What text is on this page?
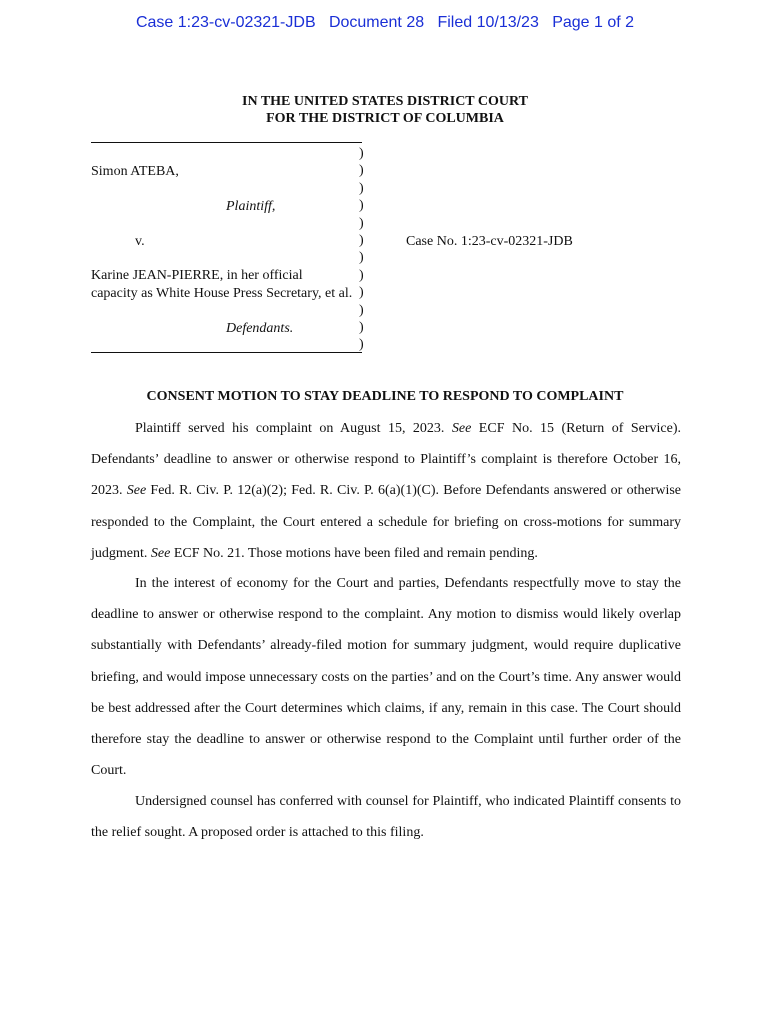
Case 1:23-cv-02321-JDB   Document 28   Filed 10/13/23   Page 1 of 2
IN THE UNITED STATES DISTRICT COURT
FOR THE DISTRICT OF COLUMBIA
)
)
)
)
)
)
)
)
)
)
)
)
Simon ATEBA,
Plaintiff,
v.
Karine JEAN-PIERRE, in her official
capacity as White House Press Secretary, et al.
Defendants.
Case No. 1:23-cv-02321-JDB
CONSENT MOTION TO STAY DEADLINE TO RESPOND TO COMPLAINT
Plaintiff served his complaint on August 15, 2023. See ECF No. 15 (Return of Service). Defendants’ deadline to answer or otherwise respond to Plaintiff’s complaint is therefore October 16, 2023. See Fed. R. Civ. P. 12(a)(2); Fed. R. Civ. P. 6(a)(1)(C). Before Defendants answered or otherwise responded to the Complaint, the Court entered a schedule for briefing on cross-motions for summary judgment. See ECF No. 21. Those motions have been filed and remain pending.
In the interest of economy for the Court and parties, Defendants respectfully move to stay the deadline to answer or otherwise respond to the complaint. Any motion to dismiss would likely overlap substantially with Defendants’ already-filed motion for summary judgment, would require duplicative briefing, and would impose unnecessary costs on the parties’ and on the Court’s time. Any answer would be best addressed after the Court determines which claims, if any, remain in this case. The Court should therefore stay the deadline to answer or otherwise respond to the Complaint until further order of the Court.
Undersigned counsel has conferred with counsel for Plaintiff, who indicated Plaintiff consents to the relief sought. A proposed order is attached to this filing.
